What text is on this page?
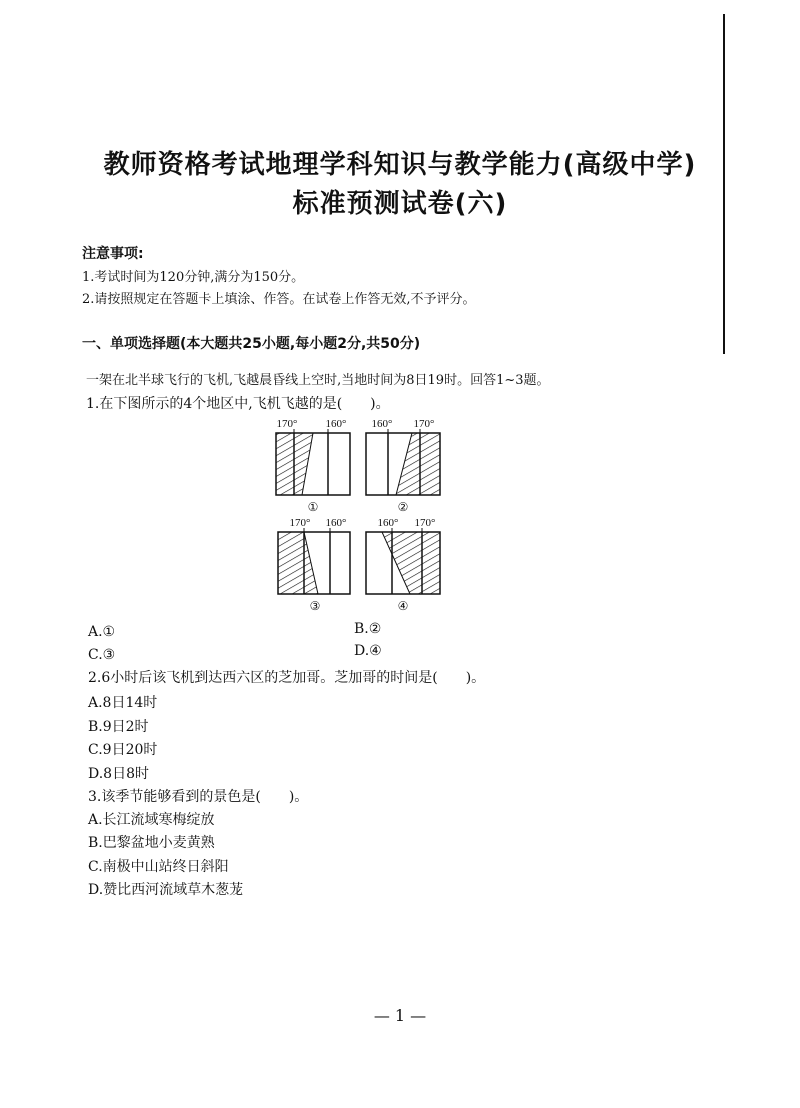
教师资格考试地理学科知识与教学能力(高级中学)
标准预测试卷(六)
注意事项:
1.考试时间为120分钟,满分为150分。
2.请按照规定在答题卡上填涂、作答。在试卷上作答无效,不予评分。
一、单项选择题(本大题共25小题,每小题2分,共50分)
一架在北半球飞行的飞机,飞越晨昏线上空时,当地时间为8日19时。回答1~3题。
1.在下图所示的4个地区中,飞机飞越的是(　　)。
170°	160°
①
160° 170°
②
170° 160°
③
160° 170°
④
A.①	B.②
C.③	D.④
2.6小时后该飞机到达西六区的芝加哥。芝加哥的时间是(　　)。
A.8日14时
B.9日2时
C.9日20时
D.8日8时
3.该季节能够看到的景色是(　　)。
A.长江流域寒梅绽放
B.巴黎盆地小麦黄熟
C.南极中山站终日斜阳
D.赞比西河流域草木葱茏
— 1 —
